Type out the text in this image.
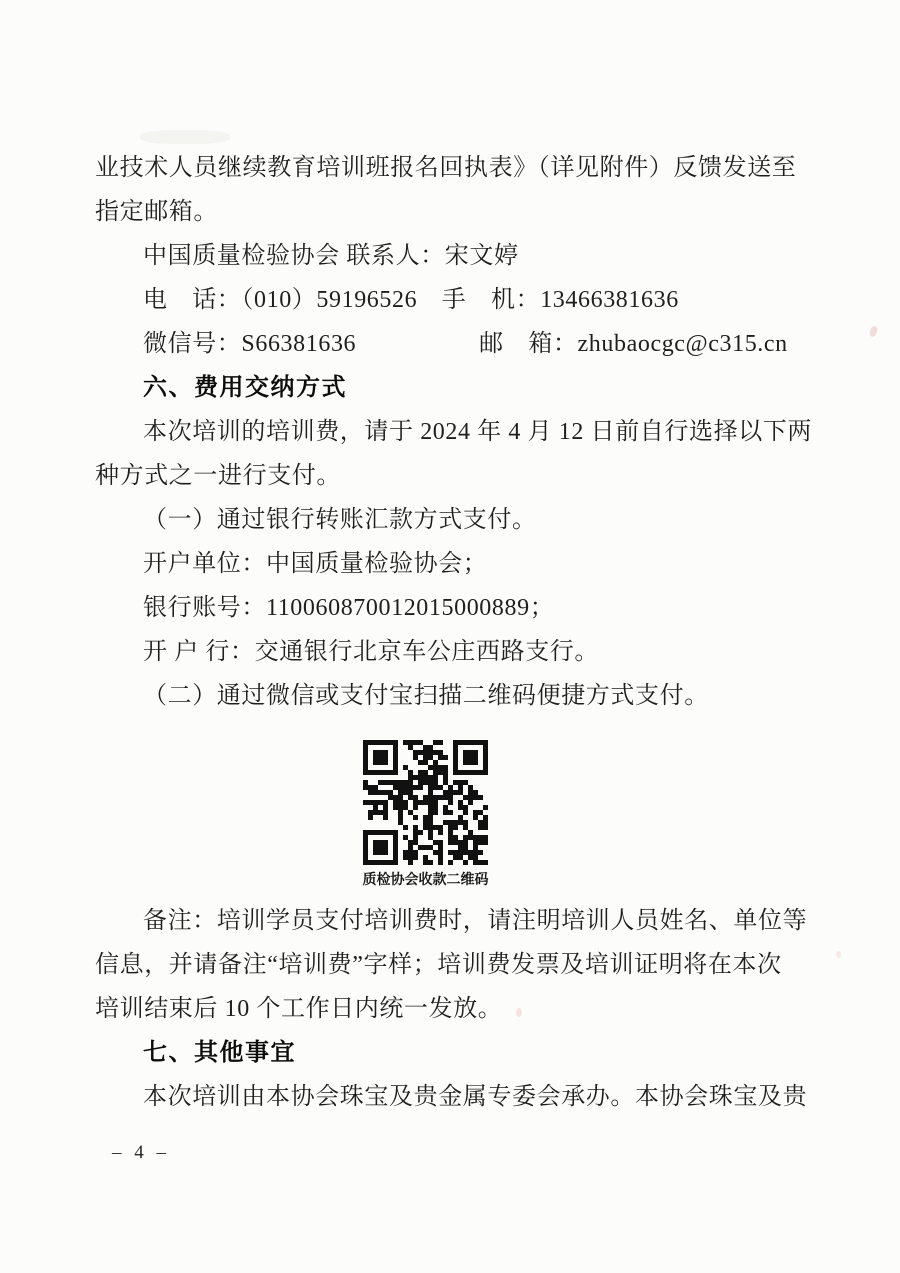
业技术人员继续教育培训班报名回执表》（详见附件）反馈发送至
指定邮箱。
中国质量检验协会 联系人：宋文婷
电　话：（010）59196526　手　机：13466381636
微信号：S66381636　　　　　邮　箱：zhubaocgc@c315.cn
六、费用交纳方式
本次培训的培训费，请于 2024 年 4 月 12 日前自行选择以下两
种方式之一进行支付。
（一）通过银行转账汇款方式支付。
开户单位：中国质量检验协会；
银行账号：110060870012015000889；
开 户 行：交通银行北京车公庄西路支行。
（二）通过微信或支付宝扫描二维码便捷方式支付。
质检协会收款二维码
备注：培训学员支付培训费时，请注明培训人员姓名、单位等
信息，并请备注“培训费”字样；培训费发票及培训证明将在本次
培训结束后 10 个工作日内统一发放。
七、其他事宜
本次培训由本协会珠宝及贵金属专委会承办。本协会珠宝及贵
– 4 –
